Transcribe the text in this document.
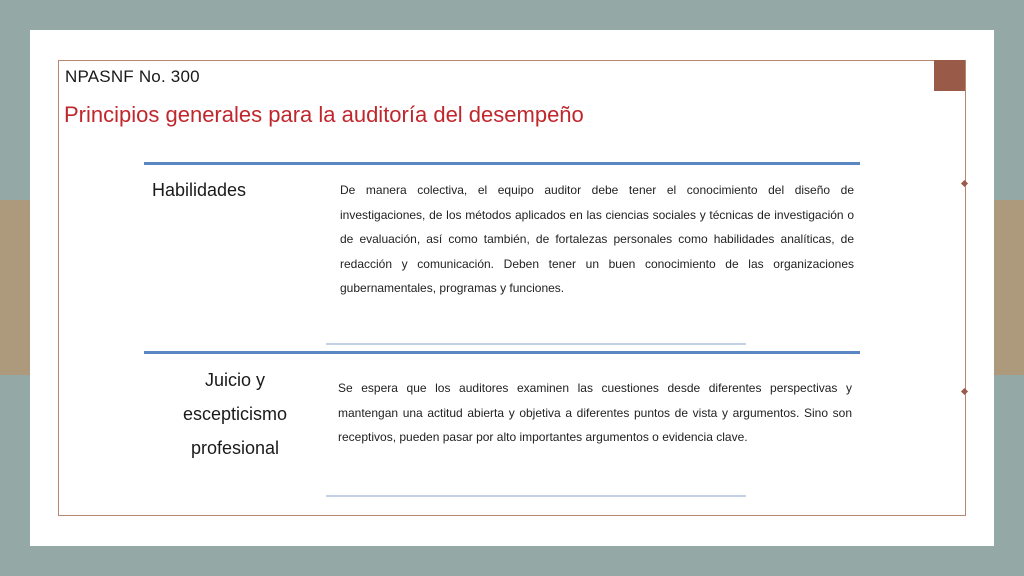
NPASNF No. 300
Principios generales para la auditoría del desempeño
Habilidades	De manera colectiva, el equipo auditor debe tener el conocimiento del diseño de investigaciones, de los métodos aplicados en las ciencias sociales y técnicas de investigación o de evaluación, así como también, de fortalezas personales como habilidades analíticas, de redacción y comunicación. Deben tener un buen conocimiento de las organizaciones gubernamentales, programas y funciones.
Juicio y escepticismo profesional
Se espera que los auditores examinen las cuestiones desde diferentes perspectivas y mantengan una actitud abierta y objetiva a diferentes puntos de vista y argumentos. Sino son receptivos, pueden pasar por alto importantes argumentos o evidencia clave.
